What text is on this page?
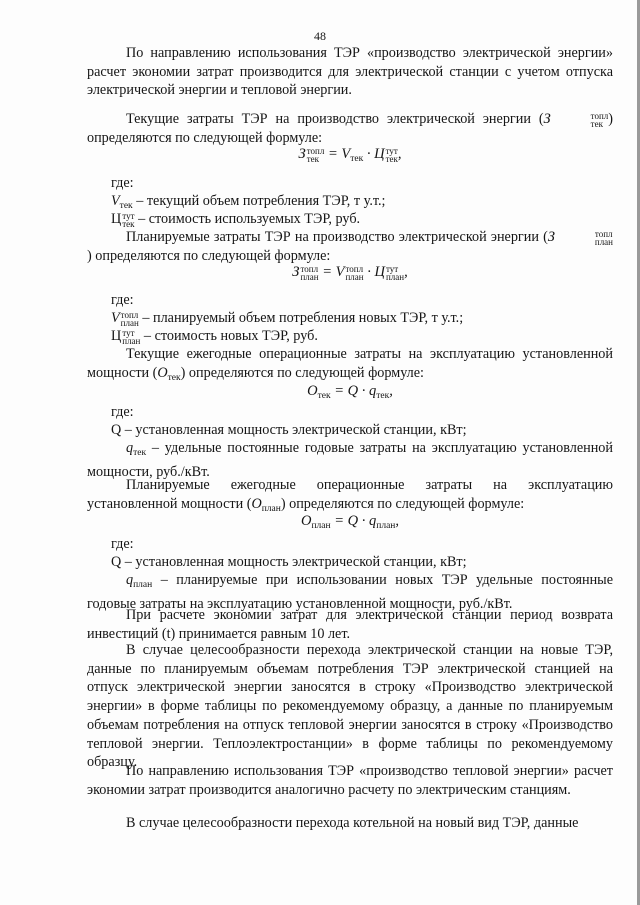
48

По направлению использования ТЭР «производство электрической энергии» расчет экономии затрат производится для электрической станции с учетом отпуска электрической энергии и тепловой энергии.

Текущие затраты ТЭР на производство электрической энергии (З	топл
тек ) определяются по следующей формуле:

З топл
тек = $V_{тек} \cdot Ц$ тут
тек ,
где:
$V_{тек}$ – текущий объем потребления ТЭР, т у.т.;
Ц тут
тек – стоимость используемых ТЭР, руб.

Планируемые затраты ТЭР на производство электрической энергии (З	топл
план
) определяются по следующей формуле:

З топл
план = V топл
план · Ц тут
план ,
где:
V топл
план – планируемый объем потребления новых ТЭР, т у.т.;
Ц тут
план – стоимость новых ТЭР, руб.

Текущие ежегодные операционные затраты на эксплуатацию установленной мощности $(O_{тек})$ определяются по следующей формуле:

$O_{тек} = Q \cdot q_{тек}$,
где:
Q – установленная мощность электрической станции, кВт;

$q_{тек}$ – удельные постоянные годовые затраты на эксплуатацию установленной мощности, руб./кВт.

Планируемые ежегодные операционные затраты на эксплуатацию установленной мощности $(O_{план})$ определяются по следующей формуле:

$O_{план} = Q \cdot q_{план}$,
где:
Q – установленная мощность электрической станции, кВт;

$q_{план}$ – планируемые при использовании новых ТЭР удельные постоянные годовые затраты на эксплуатацию установленной мощности, руб./кВт.

При расчете экономии затрат для электрической станции период возврата инвестиций (t) принимается равным 10 лет.

В случае целесообразности перехода электрической станции на новые ТЭР, данные по планируемым объемам потребления ТЭР электрической станцией на отпуск электрической энергии заносятся в строку «Производство электрической энергии» в форме таблицы по рекомендуемому образцу, а данные по планируемым объемам потребления на отпуск тепловой энергии заносятся в строку «Производство тепловой энергии. Теплоэлектростанции» в форме таблицы по рекомендуемому образцу.

По направлению использования ТЭР «производство тепловой энергии» расчет экономии затрат производится аналогично расчету по электрическим станциям.

В случае целесообразности перехода котельной на новый вид ТЭР, данные
